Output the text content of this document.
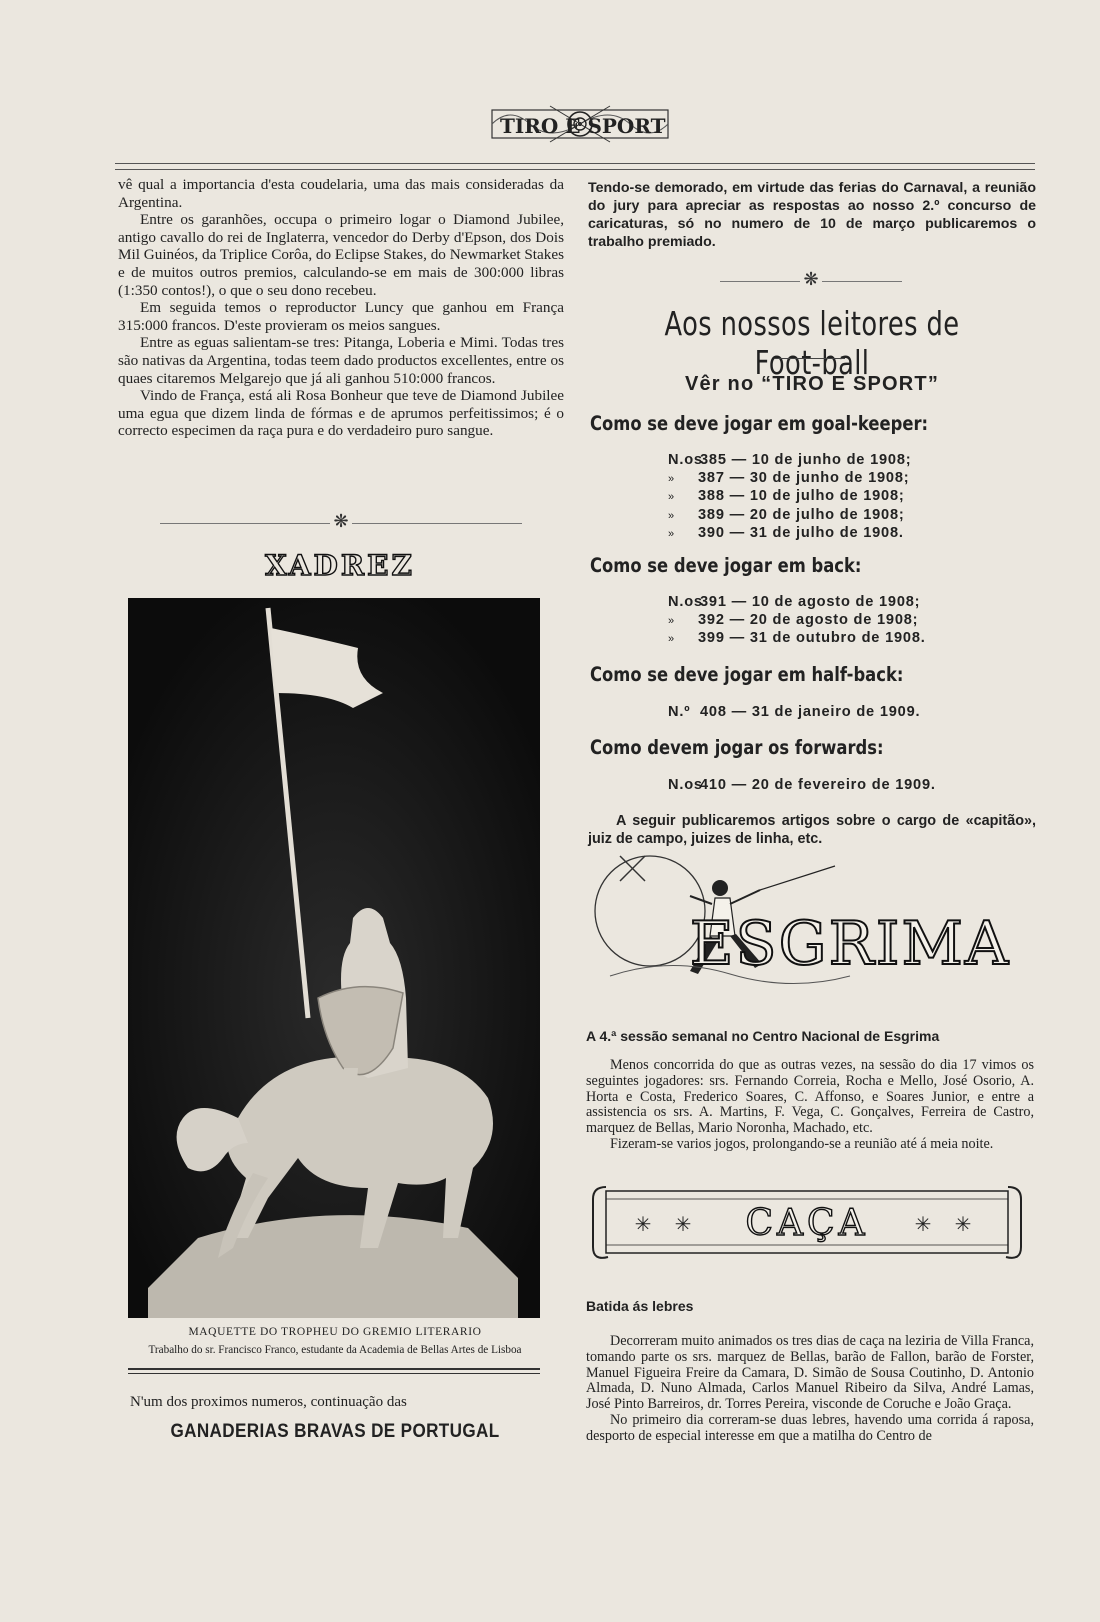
TIRO E SPORT

vê qual a importancia d'esta coudelaria, uma das mais consideradas da Argentina.

Entre os garanhões, occupa o primeiro logar o Diamond Jubilee, antigo cavallo do rei de Inglaterra, vencedor do Derby d'Epson, dos Dois Mil Guinéos, da Triplice Corôa, do Eclipse Stakes, do Newmarket Stakes e de muitos outros premios, calculando-se em mais de 300:000 libras (1:350 contos!), o que o seu dono recebeu.

Em seguida temos o reproductor Luncy que ganhou em França 315:000 francos. D'este provieram os meios sangues.

Entre as eguas salientam-se tres: Pitanga, Loberia e Mimi. Todas tres são nativas da Argentina, todas teem dado productos excellentes, entre os quaes citaremos Melgarejo que já ali ganhou 510:000 francos.

Vindo de França, está ali Rosa Bonheur que teve de Diamond Jubilee uma egua que dizem linda de fórmas e de aprumos perfeitissimos; é o correcto especimen da raça pura e do verdadeiro puro sangue.

❋
XADREZ
MAQUETTE DO TROPHEU DO GREMIO LITERARIO
Trabalho do sr. Francisco Franco, estudante da Academia de Bellas Artes de Lisboa
N'um dos proximos numeros, continuação das
GANADERIAS BRAVAS DE PORTUGAL
Tendo-se demorado, em virtude das ferias do Carnaval, a reunião do jury para apreciar as respostas ao nosso 2.º concurso de caricaturas, só no numero de 10 de março publicaremos o trabalho premiado.
❋
Aos nossos leitores de Foot-ball
Vêr no “TIRO E SPORT”
Como se deve jogar em goal-keeper:
N.os385 — 10 de junho de 1908;
» 387 — 30 de junho de 1908;
» 388 — 10 de julho de 1908;
» 389 — 20 de julho de 1908;
» 390 — 31 de julho de 1908.
Como se deve jogar em back:
N.os391 — 10 de agosto de 1908;
» 392 — 20 de agosto de 1908;
» 399 — 31 de outubro de 1908.
Como se deve jogar em half-back:
N.º 408 — 31 de janeiro de 1909.
Como devem jogar os forwards:
N.os410 — 20 de fevereiro de 1909.
A seguir publicaremos artigos sobre o cargo de «capitão», juiz de campo, juizes de linha, etc.
ESGRIMA
A 4.ª sessão semanal no Centro Nacional de Esgrima

Menos concorrida do que as outras vezes, na sessão do dia 17 vimos os seguintes jogadores: srs. Fernando Correia, Rocha e Mello, José Osorio, A. Horta e Costa, Frederico Soares, C. Affonso, e Soares Junior, e entre a assistencia os srs. A. Martins, F. Vega, C. Gonçalves, Ferreira de Castro, marquez de Bellas, Mario Noronha, Machado, etc.

Fizeram-se varios jogos, prolongando-se a reunião até á meia noite.

✳ ✳	✳ ✳
CAÇA
Batida ás lebres

Decorreram muito animados os tres dias de caça na leziria de Villa Franca, tomando parte os srs. marquez de Bellas, barão de Fallon, barão de Forster, Manuel Figueira Freire da Camara, D. Simão de Sousa Coutinho, D. Antonio Almada, D. Nuno Almada, Carlos Manuel Ribeiro da Silva, André Lamas, José Pinto Barreiros, dr. Torres Pereira, visconde de Coruche e João Graça.

No primeiro dia correram-se duas lebres, havendo uma corrida á raposa, desporto de especial interesse em que a matilha do Centro de
